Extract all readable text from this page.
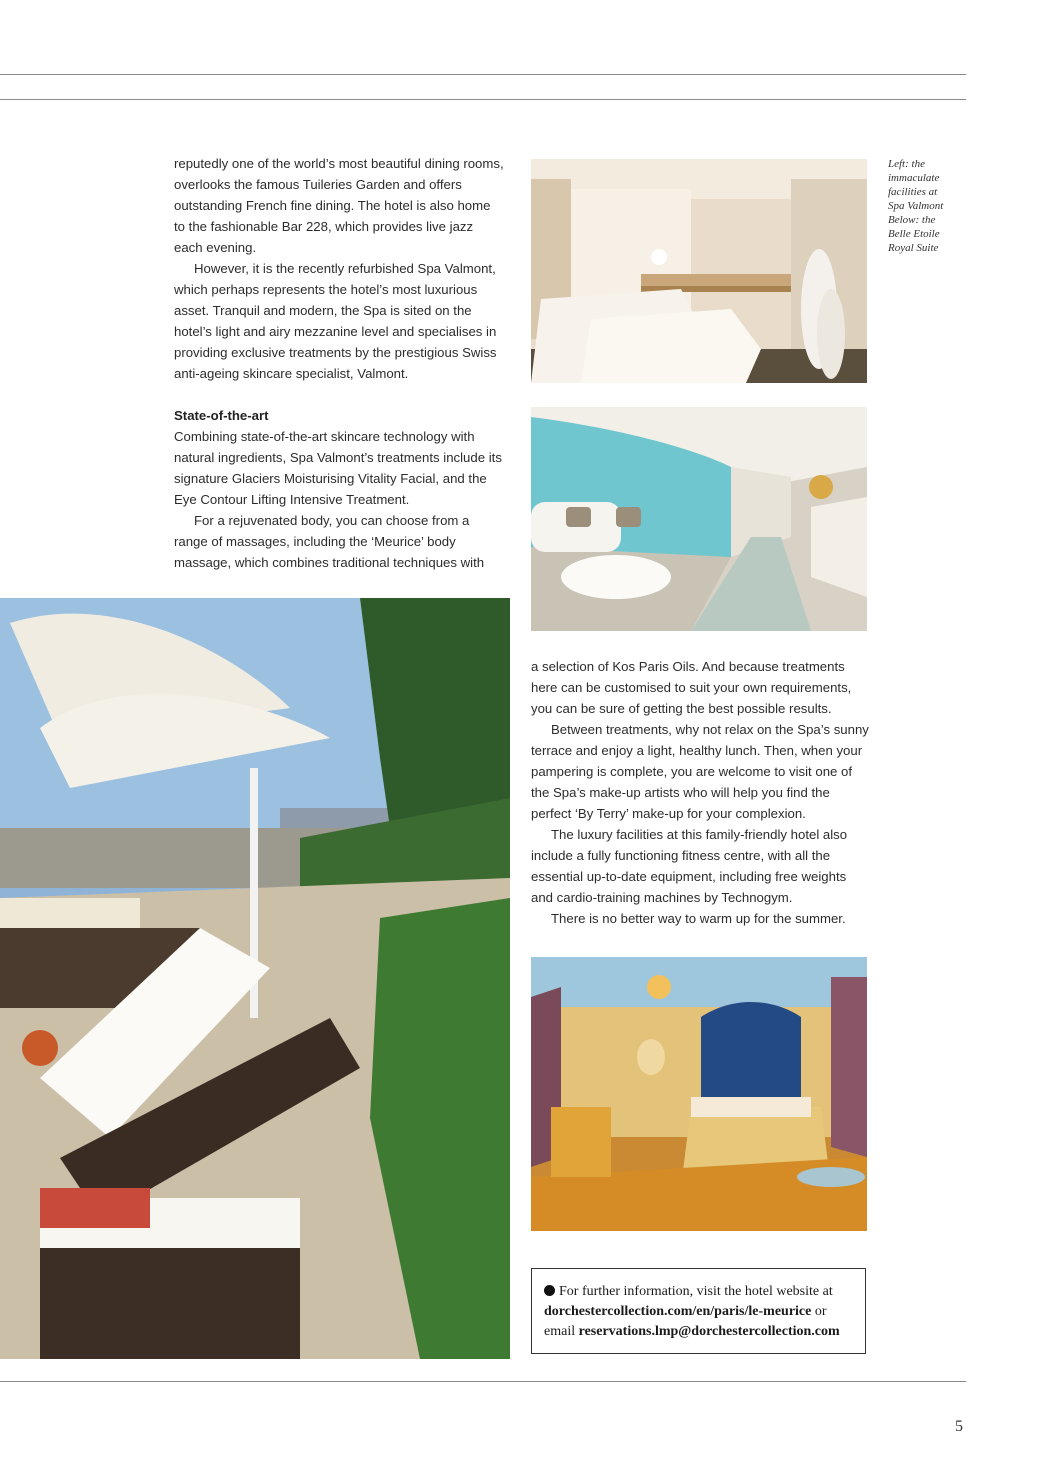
reputedly one of the world’s most beautiful dining rooms, overlooks the famous Tuileries Garden and offers outstanding French fine dining. The hotel is also home to the fashionable Bar 228, which provides live jazz each evening.

However, it is the recently refurbished Spa Valmont, which perhaps represents the hotel’s most luxurious asset. Tranquil and modern, the Spa is sited on the hotel’s light and airy mezzanine level and specialises in providing exclusive treatments by the prestigious Swiss anti-ageing skincare specialist, Valmont.

State-of-the-art

Combining state-of-the-art skincare technology with natural ingredients, Spa Valmont’s treatments include its signature Glaciers Moisturising Vitality Facial, and the Eye Contour Lifting Intensive Treatment.

For a rejuvenated body, you can choose from a range of massages, including the ‘Meurice’ body massage, which combines traditional techniques with

Left: the
immaculate
facilities at
Spa Valmont
Below: the
Belle Etoile
Royal Suite

a selection of Kos Paris Oils. And because treatments here can be customised to suit your own requirements, you can be sure of getting the best possible results.

Between treatments, why not relax on the Spa’s sunny terrace and enjoy a light, healthy lunch. Then, when your pampering is complete, you are welcome to visit one of the Spa’s make-up artists who will help you find the perfect ‘By Terry’ make-up for your complexion.

The luxury facilities at this family-friendly hotel also include a fully functioning fitness centre, with all the essential up-to-date equipment, including free weights and cardio-training machines by Technogym.

There is no better way to warm up for the summer.

For further information, visit the hotel website at
dorchestercollection.com/en/paris/le-meurice or
email reservations.lmp@dorchestercollection.com
5
